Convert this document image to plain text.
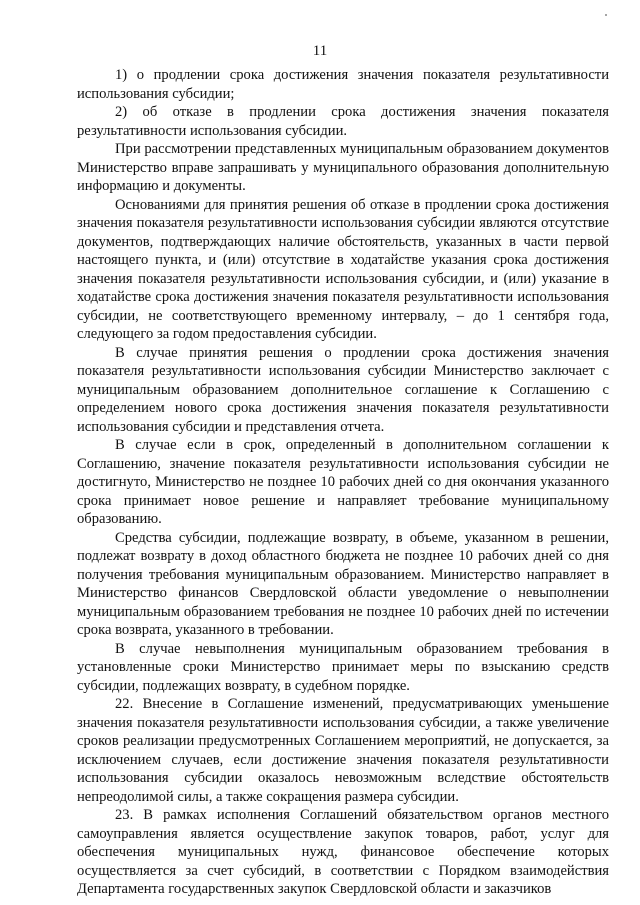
11

1) о продлении срока достижения значения показателя результативности использования субсидии;

2) об отказе в продлении срока достижения значения показателя результативности использования субсидии.

При рассмотрении представленных муниципальным образованием документов Министерство вправе запрашивать у муниципального образования дополнительную информацию и документы.

Основаниями для принятия решения об отказе в продлении срока достижения значения показателя результативности использования субсидии являются отсутствие документов, подтверждающих наличие обстоятельств, указанных в части первой настоящего пункта, и (или) отсутствие в ходатайстве указания срока достижения значения показателя результативности использования субсидии, и (или) указание в ходатайстве срока достижения значения показателя результативности использования субсидии, не соответствующего временному интервалу, – до 1 сентября года, следующего за годом предоставления субсидии.

В случае принятия решения о продлении срока достижения значения показателя результативности использования субсидии Министерство заключает с муниципальным образованием дополнительное соглашение к Соглашению с определением нового срока достижения значения показателя результативности использования субсидии и представления отчета.

В случае если в срок, определенный в дополнительном соглашении к Соглашению, значение показателя результативности использования субсидии не достигнуто, Министерство не позднее 10 рабочих дней со дня окончания указанного срока принимает новое решение и направляет требование муниципальному образованию.

Средства субсидии, подлежащие возврату, в объеме, указанном в решении, подлежат возврату в доход областного бюджета не позднее 10 рабочих дней со дня получения требования муниципальным образованием. Министерство направляет в Министерство финансов Свердловской области уведомление о невыполнении муниципальным образованием требования не позднее 10 рабочих дней по истечении срока возврата, указанного в требовании.

В случае невыполнения муниципальным образованием требования в установленные сроки Министерство принимает меры по взысканию средств субсидии, подлежащих возврату, в судебном порядке.

22. Внесение в Соглашение изменений, предусматривающих уменьшение значения показателя результативности использования субсидии, а также увеличение сроков реализации предусмотренных Соглашением мероприятий, не допускается, за исключением случаев, если достижение значения показателя результативности использования субсидии оказалось невозможным вследствие обстоятельств непреодолимой силы, а также сокращения размера субсидии.

23. В рамках исполнения Соглашений обязательством органов местного самоуправления является осуществление закупок товаров, работ, услуг для обеспечения муниципальных нужд, финансовое обеспечение которых осуществляется за счет субсидий, в соответствии с Порядком взаимодействия Департамента государственных закупок Свердловской области и заказчиков
